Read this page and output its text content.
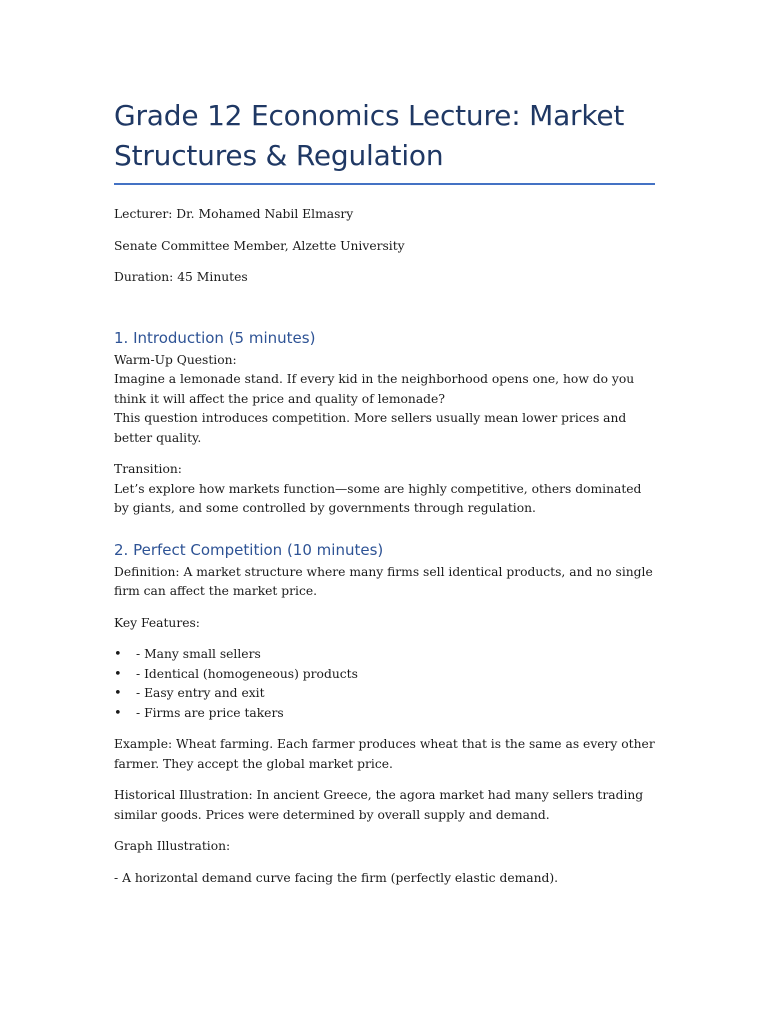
Grade 12 Economics Lecture: Market Structures & Regulation

Lecturer: Dr. Mohamed Nabil Elmasry

Senate Committee Member, Alzette University

Duration: 45 Minutes

1. Introduction (5 minutes)

Warm-Up Question:

Imagine a lemonade stand. If every kid in the neighborhood opens one, how do you think it will affect the price and quality of lemonade?

This question introduces competition. More sellers usually mean lower prices and better quality.

Transition:

Let’s explore how markets function—some are highly competitive, others dominated by giants, and some controlled by governments through regulation.

2. Perfect Competition (10 minutes)

Definition: A market structure where many firms sell identical products, and no single firm can affect the market price.

Key Features:

• - Many small sellers
• - Identical (homogeneous) products
• - Easy entry and exit
• - Firms are price takers

Example: Wheat farming. Each farmer produces wheat that is the same as every other farmer. They accept the global market price.

Historical Illustration: In ancient Greece, the agora market had many sellers trading similar goods. Prices were determined by overall supply and demand.

Graph Illustration:

- A horizontal demand curve facing the firm (perfectly elastic demand).
